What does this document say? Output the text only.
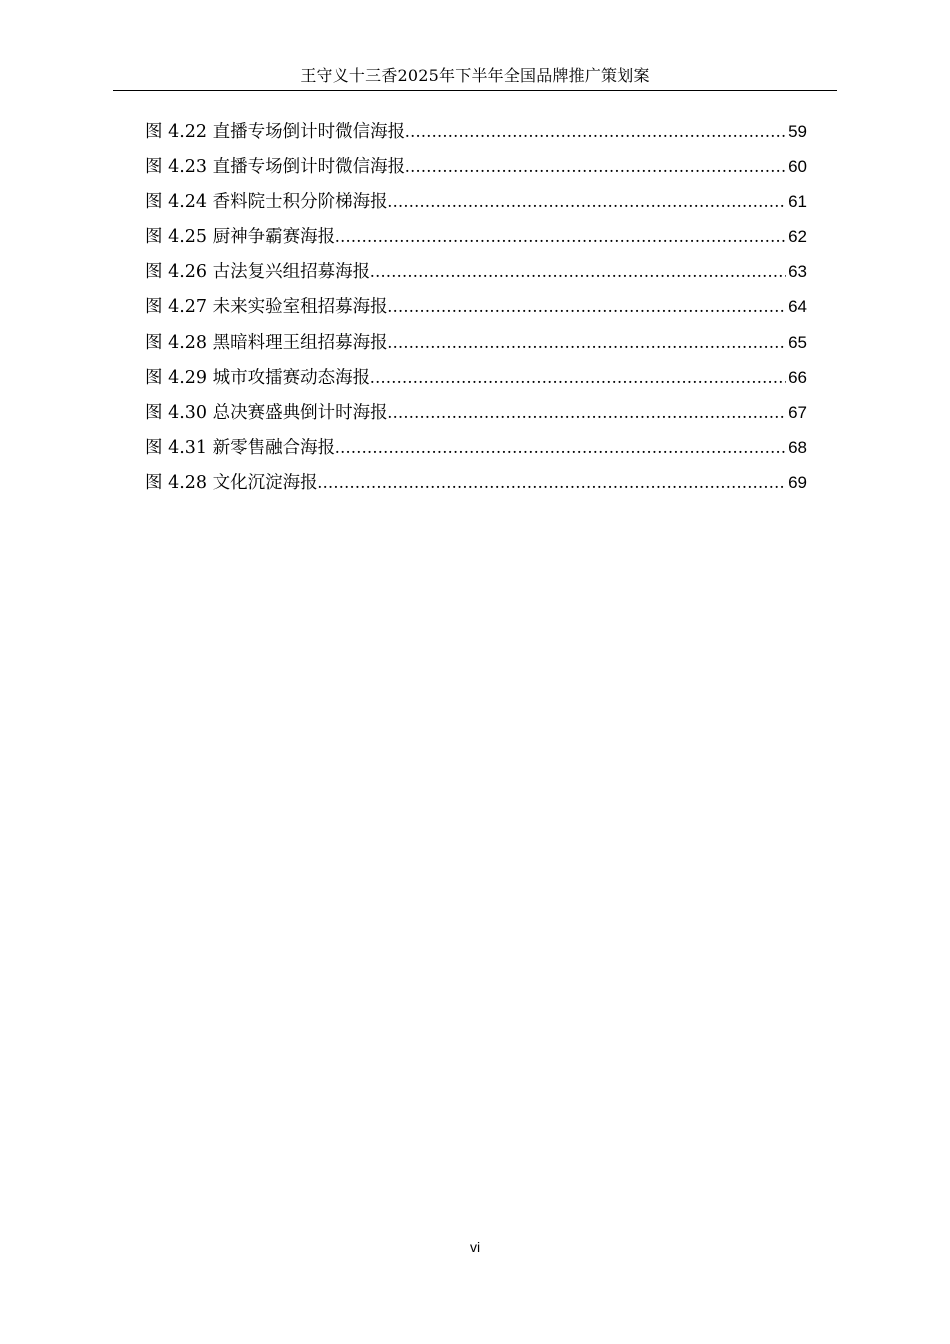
王守义十三香2025年下半年全国品牌推广策划案
图 4.22 直播专场倒计时微信海报 .....	59
图 4.23 直播专场倒计时微信海报 .....	60
图 4.24 香料院士积分阶梯海报 .....	61
图 4.25 厨神争霸赛海报 .....	62
图 4.26 古法复兴组招募海报 .....	63
图 4.27 未来实验室租招募海报 .....	64
图 4.28 黑暗料理王组招募海报 .....	65
图 4.29 城市攻擂赛动态海报 .....	66
图 4.30 总决赛盛典倒计时海报 .....	67
图 4.31 新零售融合海报 .....	68
图 4.28 文化沉淀海报 .....	69
vi
